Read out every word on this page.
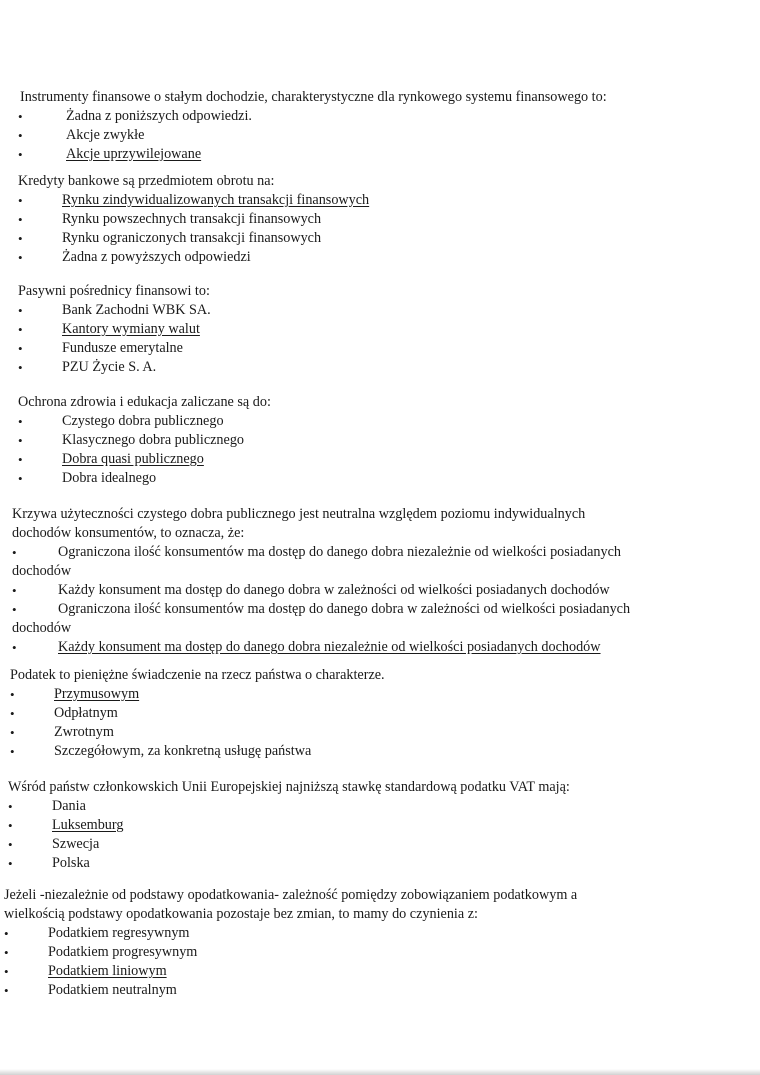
Instrumenty finansowe o stałym dochodzie, charakterystyczne dla rynkowego systemu finansowego to:

•	Żadna z poniższych odpowiedzi.
•	Akcje zwykłe
•	Akcje uprzywilejowane

Kredyty bankowe są przedmiotem obrotu na:

•	Rynku zindywidualizowanych transakcji finansowych
•	Rynku powszechnych transakcji finansowych
•	Rynku ograniczonych transakcji finansowych
•	Żadna z powyższych odpowiedzi

Pasywni pośrednicy finansowi to:

•	Bank Zachodni WBK SA.
•	Kantory wymiany walut
•	Fundusze emerytalne
•	PZU Życie S. A.

Ochrona zdrowia i edukacja zaliczane są do:

•	Czystego dobra publicznego
•	Klasycznego dobra publicznego
•	Dobra quasi publicznego
•	Dobra idealnego

Krzywa użyteczności czystego dobra publicznego jest neutralna względem poziomu indywidualnych

dochodów konsumentów, to oznacza, że:

•	Ograniczona ilość konsumentów ma dostęp do danego dobra niezależnie od wielkości posiadanych
dochodów
•	Każdy konsument ma dostęp do danego dobra w zależności od wielkości posiadanych dochodów
•	Ograniczona ilość konsumentów ma dostęp do danego dobra w zależności od wielkości posiadanych
dochodów
•	Każdy konsument ma dostęp do danego dobra niezależnie od wielkości posiadanych dochodów

Podatek to pieniężne świadczenie na rzecz państwa o charakterze.

•	Przymusowym
•	Odpłatnym
•	Zwrotnym
•	Szczegółowym, za konkretną usługę państwa

Wśród państw członkowskich Unii Europejskiej najniższą stawkę standardową podatku VAT mają:

•	Dania
•	Luksemburg
•	Szwecja
•	Polska

Jeżeli -niezależnie od podstawy opodatkowania- zależność pomiędzy zobowiązaniem podatkowym a

wielkością podstawy opodatkowania pozostaje bez zmian, to mamy do czynienia z:

•	Podatkiem regresywnym
•	Podatkiem progresywnym
•	Podatkiem liniowym
•	Podatkiem neutralnym
